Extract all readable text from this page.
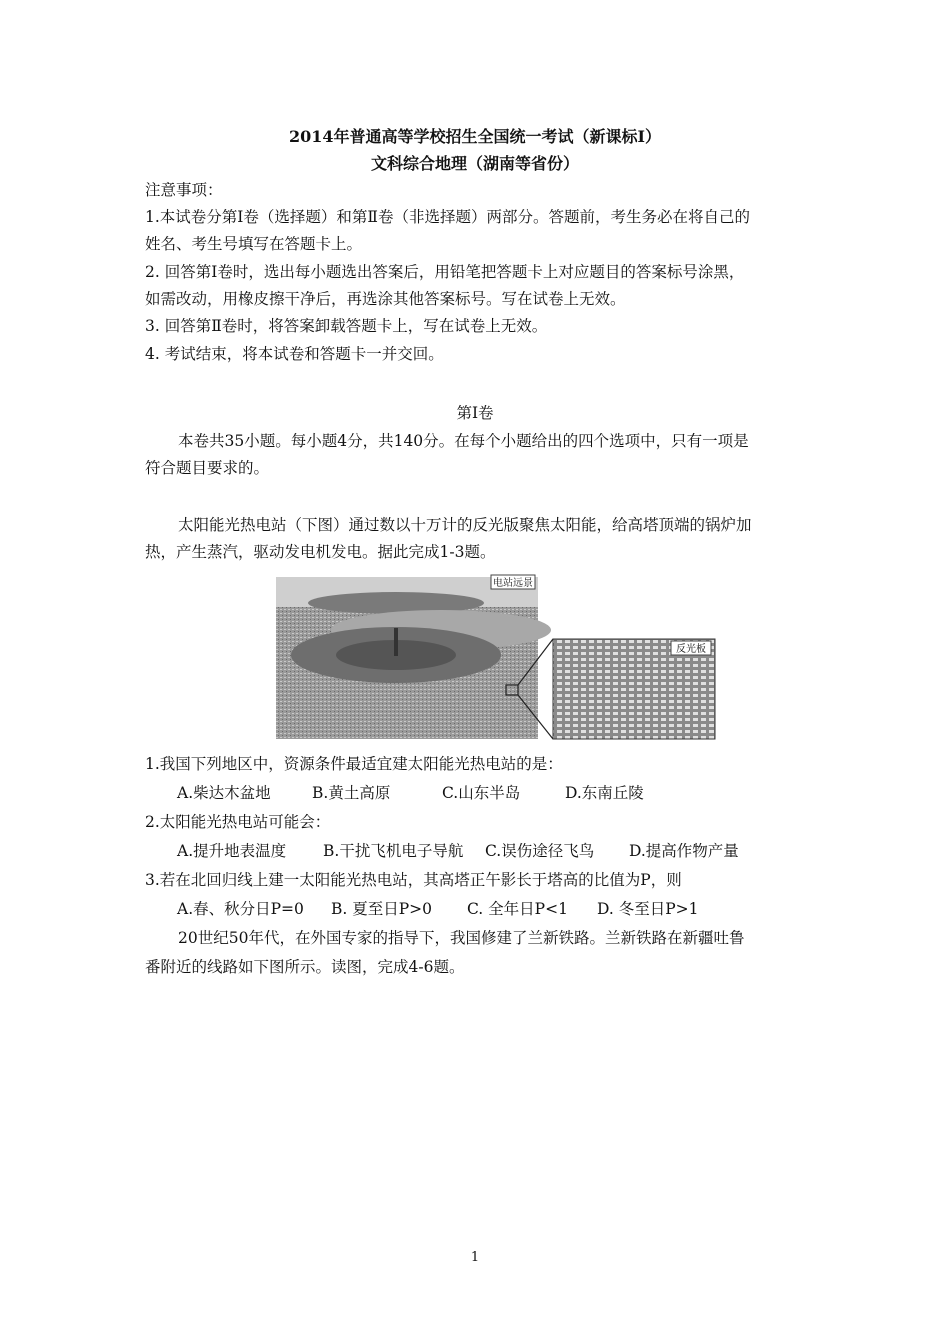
2014年普通高等学校招生全国统一考试（新课标Ⅰ）
文科综合地理（湖南等省份）
注意事项：
1.本试卷分第Ⅰ卷（选择题）和第Ⅱ卷（非选择题）两部分。答题前，考生务必在将自己的
姓名、考生号填写在答题卡上。
2. 回答第Ⅰ卷时，选出每小题选出答案后，用铅笔把答题卡上对应题目的答案标号涂黑，
如需改动，用橡皮擦干净后，再选涂其他答案标号。写在试卷上无效。
3. 回答第Ⅱ卷时，将答案卸载答题卡上，写在试卷上无效。
4. 考试结束，将本试卷和答题卡一并交回。
第Ⅰ卷
本卷共35小题。每小题4分，共140分。在每个小题给出的四个选项中，只有一项是
符合题目要求的。
太阳能光热电站（下图）通过数以十万计的反光版聚焦太阳能，给高塔顶端的锅炉加
热，产生蒸汽，驱动发电机发电。据此完成1-3题。
电站远景
反光板
1.我国下列地区中，资源条件最适宜建太阳能光热电站的是：
A.柴达木盆地	B.黄土高原	C.山东半岛	D.东南丘陵
2.太阳能光热电站可能会：
A.提升地表温度 B.干扰飞机电子导航 C.误伤途径飞鸟 D.提高作物产量
3.若在北回归线上建一太阳能光热电站，其高塔正午影长于塔高的比值为P，则
A.春、秋分日P=0 B. 夏至日P>0 C. 全年日P<1 D. 冬至日P>1
20世纪50年代，在外国专家的指导下，我国修建了兰新铁路。兰新铁路在新疆吐鲁
番附近的线路如下图所示。读图，完成4-6题。
1
